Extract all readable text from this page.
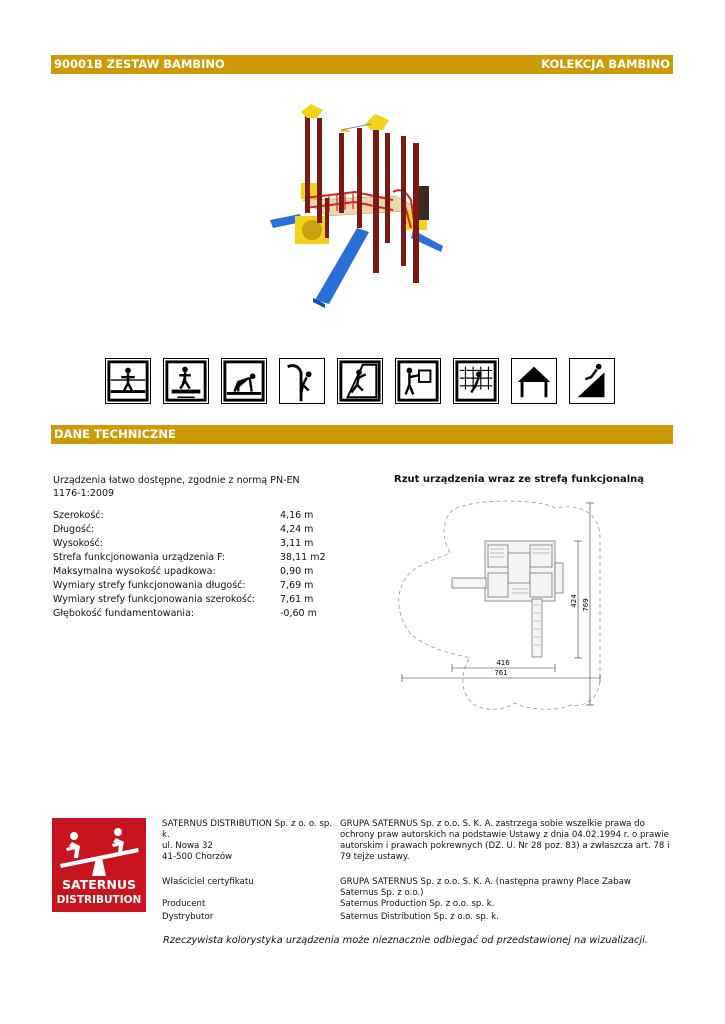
90001B ZESTAW BAMBINO	KOLEKCJA BAMBINO
DANE TECHNICZNE
Urządzenia łatwo dostępne, zgodnie z normą PN-EN 1176-1:2009
Szerokość:	4,16 m
Długość:	4,24 m
Wysokość:	3,11 m
Strefa funkcjonowania urządzenia F:	38,11 m2
Maksymalna wysokość upadkowa:	0,90 m
Wymiary strefy funkcjonowania długość:	7,69 m
Wymiary strefy funkcjonowania szerokość:	7,61 m
Głębokość fundamentowania:	-0,60 m
Rzut urządzenia wraz ze strefą funkcjonalną
416
761
424 769
SATERNUS
DISTRIBUTION
SATERNUS DISTRIBUTION Sp. z o. o. sp. k.
ul. Nowa 32
41-500 Chorzów
GRUPA SATERNUS Sp. z o.o. S. K. A. zastrzega sobie wszelkie prawa do ochrony praw autorskich na podstawie Ustawy z dnia 04.02.1994 r. o prawie autorskim i prawach pokrewnych (DZ. U. Nr 28 poz. 83) a zwłaszcza art. 78 i 79 tejże ustawy.
Właściciel certyfikatu	GRUPA SATERNUS Sp. z o.o. S. K. A. (następna prawny Place Zabaw Saternus Sp. z o.o.)
Producent	Saternus Production Sp. z o.o. sp. k.
Dystrybutor	Saternus Distribution Sp. z o.o. sp. k.
Rzeczywista kolorystyka urządzenia może nieznacznie odbiegać od przedstawionej na wizualizacji.
